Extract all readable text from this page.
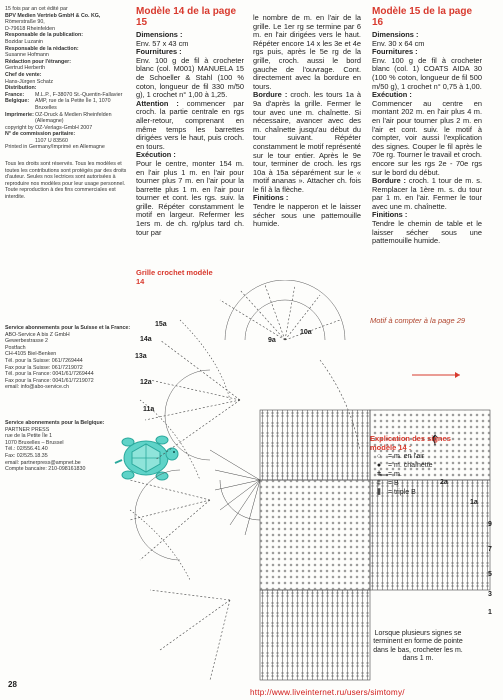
15 fois par an cet édité par

BPV Medien Vertrieb GmbH & Co. KG,

Römerstraße 90,

D-79618 Rheinfelden

Responsable de la publication:

Bozidar Luzanin

Responsable de la rédaction:

Susanne Hofmann

Rédaction pour l'étranger:

Gertrud Herberth

Chef de vente:

Hans-Jürgen Schatz

Distribution:

France:	M.L.P., F-38070 St.-Quentin-Fallavier
Belgique:	AMP, rue de la Petite Île 1, 1070 Bruxelles
Imprimerie: OZ-Druck & Medien Rheinfelden (Allemagne)

copyright by OZ-Verlags-GmbH 2007

N° de commission paritaire:

1107 U 83560

Printed in Germany/Imprimé en Allemagne

Tous les droits sont réservés. Tous les modèles et toutes les contributions sont protégés par des droits d'auteur. Seules nos lectrices sont autorisées à reproduire nos modèles pour leur usage personnel. Toute reproduction à des fins commerciales est interdite.

Service abonnements pour la Suisse et la France:

ABO-Service A bis Z GmbH

Gewerbestrasse 2

Postfach

CH-4105 Biel-Benken

Tél. pour la Suisse: 061/7269444

Fax pour la Suisse: 061/7219072

Tél. pour la France: 0041/61/7269444

Fax pour la France: 0041/61/7219072

email: info@abo-service.ch

Service abonnements pour la Belgique:

PARTNER PRESS

rue de la Petite Île 1

1070 Bruxelles – Brussel

Tél.: 02/556.41.40

Fax: 02/525.18.35

email: partnerpress@ampnet.be

Compte bancaire: 210-0981618​30

Modèle 14 de la page 15

Dimensions :

Env. 57 x 43 cm

Fournitures :

Env. 100 g de fil à crocheter blanc (col. M001) MANUELA 15 de Schoeller & Stahl (100 % coton, longueur de fil 330 m/50 g), 1 crochet n° 1,00 à 1,25.

Attention : commencer par croch. la partie centrale en rgs aller-retour, comprenant en même temps les barrettes dirigées vers le haut, puis croch. en tours.

Exécution :

Pour le centre, monter 154 m. en l'air plus 1 m. en l'air pour tourner plus 7 m. en l'air pour la barrette plus 1 m. en l'air pour tourner et cont. les rgs. suiv. la grille. Répéter constamment le motif en largeur. Refermer les 1ers m. de ch. rg/plus tard ch. tour par

le nombre de m. en l'air de la grille. Le 1er rg se termine par 6 m. en l'air dirigées vers le haut. Répéter encore 14 x les 3e et 4e rgs puis, après le 5e rg de la grille, croch. aussi le bord gauche de l'ouvrage. Cont. directement avec la bordure en tours.

Bordure : croch. les tours 1a à 9a d'après la grille. Fermer le tour avec une m. chaînette. Si nécessaire, avancer avec des m. chaînette jusqu'au début du tour suivant. Répéter constamment le motif représenté sur le tour entier. Après le 9e tour, terminer de croch. les rgs 10a à 15a séparément sur le « motif ananas ». Attacher ch. fois le fil à la flèche.

Finitions :

Tendre le napperon et le laisser sécher sous une pattemouille humide.

Modèle 15 de la page 16

Dimensions :

Env. 30 x 64 cm

Fournitures :

Env. 100 g de fil à crocheter blanc (col. 1) COATS AIDA 30 (100 % coton, longueur de fil 500 m/50 g), 1 crochet n° 0,75 à 1,00.

Exécution :

Commencer au centre en montant 202 m. en l'air plus 4 m. en l'air pour tourner plus 2 m. en l'air et cont. suiv. le motif à compter, voir aussi l'explication des signes. Couper le fil après le 70e rg. Tourner le travail et croch. encore sur les rgs 2e - 70e rgs sur le bord du début.

Bordure : croch. 1 tour de m. s. Remplacer la 1ère m. s. du tour par 1 m. en l'air. Fermer le tour avec une m. chaînette.

Finitions :

Tendre le chemin de table et le laisser sécher sous une pattemouille humide.

Motif à compter à la page 29
Grille crochet modèle 14
15a
14a
13a
12a
11a
10a
9a
2a
1a
9
7
5
3
1
Explication des signes modèle 14 :
○ = m. en l'air
● = m. chaînette
ǂ = m.
‡	= B
⫼	= triple B
Lorsque plusieurs signes se terminent en forme de pointe dans le bas, crocheter les m. dans 1 m.
28
http://www.liveinternet.ru/users/simtomy/
